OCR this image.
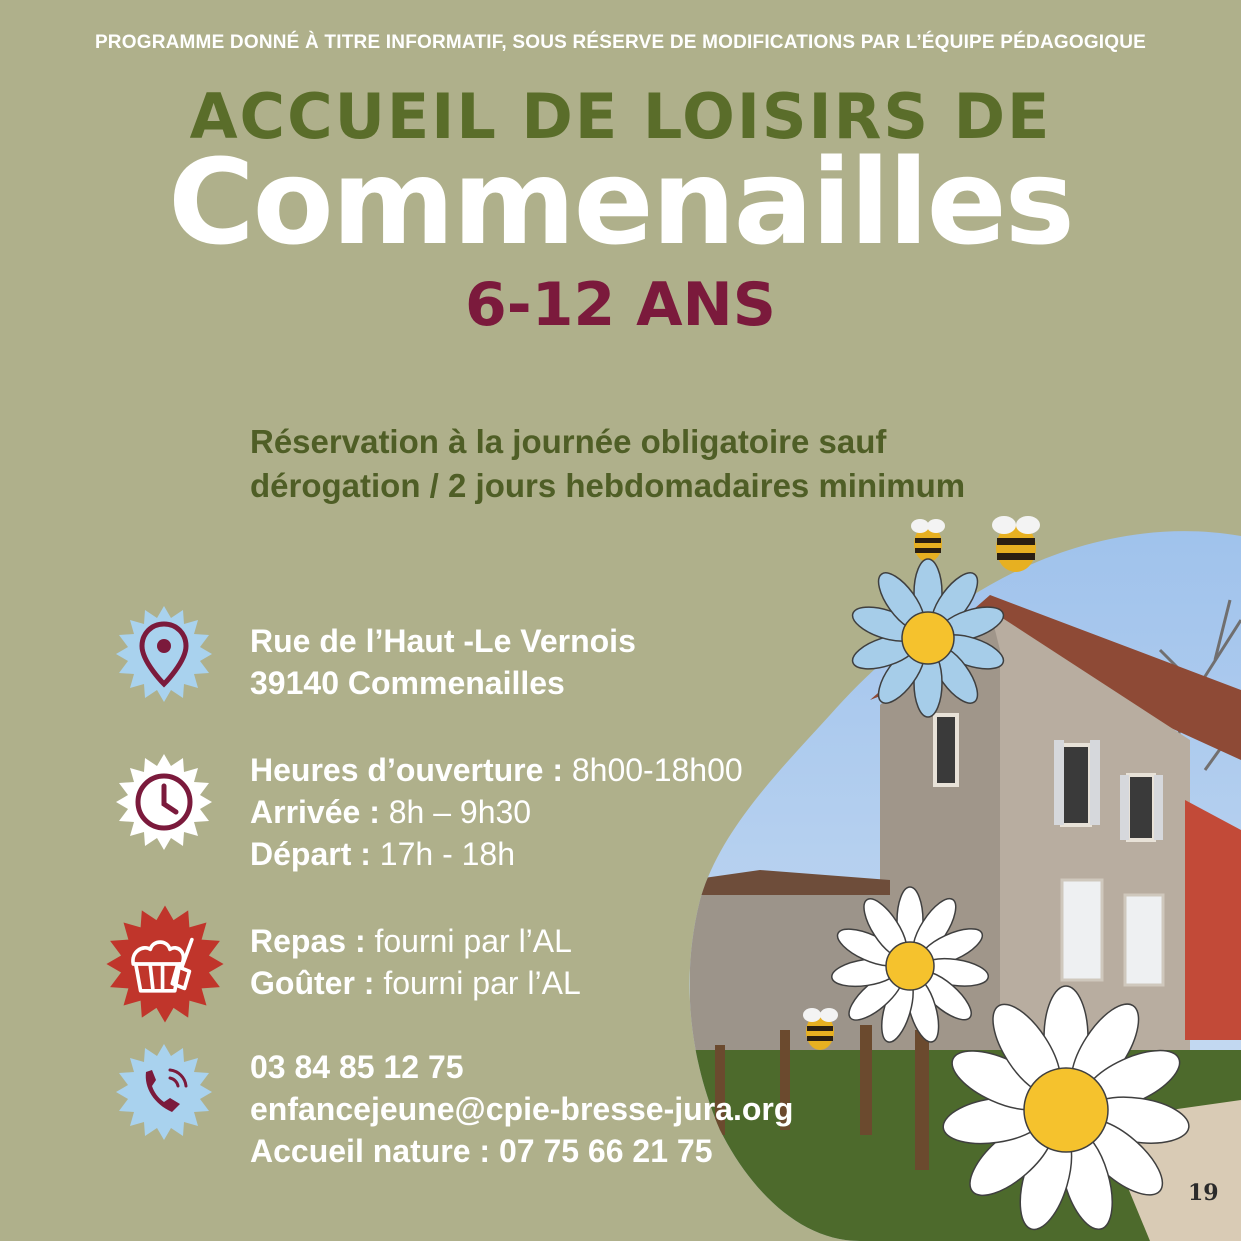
PROGRAMME DONNÉ À TITRE INFORMATIF, SOUS RÉSERVE DE MODIFICATIONS PAR L’ÉQUIPE PÉDAGOGIQUE
ACCUEIL DE LOISIRS DE
Commenailles
6-12 ANS
Réservation à la journée obligatoire sauf
dérogation / 2 jours hebdomadaires minimum
Rue de l’Haut -Le Vernois
39140 Commenailles
Heures d’ouverture : 8h00-18h00
Arrivée : 8h – 9h30
Départ : 17h - 18h
Repas : fourni par l’AL
Goûter : fourni par l’AL
03 84 85 12 75
enfancejeune@cpie-bresse-jura.org
Accueil nature : 07 75 66 21 75
19
